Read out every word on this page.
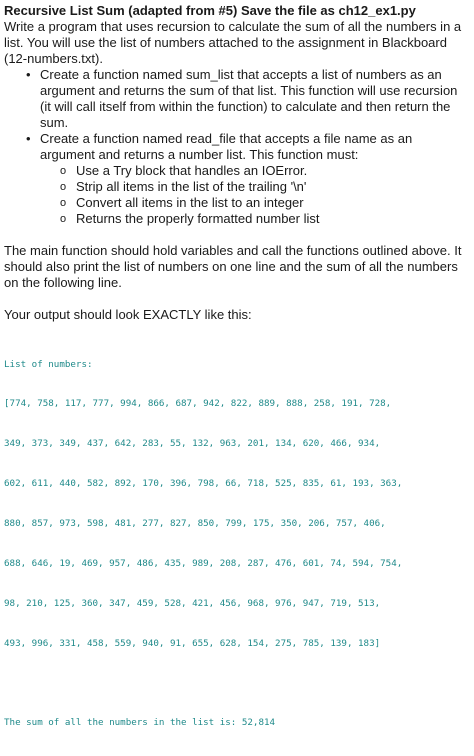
Recursive List Sum (adapted from #5) Save the file as ch12_ex1.py

Write a program that uses recursion to calculate the sum of all the numbers in a list. You will use the list of numbers attached to the assignment in Blackboard (12-numbers.txt).

• Create a function named sum_list that accepts a list of numbers as an argument and returns the sum of that list. This function will use recursion (it will call itself from within the function) to calculate and then return the sum.
• Create a function named read_file that accepts a file name as an argument and returns a number list. This function must:
o Use a Try block that handles an IOError.
o Strip all items in the list of the trailing '\n'
o Convert all items in the list to an integer
o Returns the properly formatted number list

The main function should hold variables and call the functions outlined above. It should also print the list of numbers on one line and the sum of all the numbers on the following line.

Your output should look EXACTLY like this:

List of numbers:

[774, 758, 117, 777, 994, 866, 687, 942, 822, 889, 888, 258, 191, 728,

349, 373, 349, 437, 642, 283, 55, 132, 963, 201, 134, 620, 466, 934,

602, 611, 440, 582, 892, 170, 396, 798, 66, 718, 525, 835, 61, 193, 363,

880, 857, 973, 598, 481, 277, 827, 850, 799, 175, 350, 206, 757, 406,

688, 646, 19, 469, 957, 486, 435, 989, 208, 287, 476, 601, 74, 594, 754,

98, 210, 125, 360, 347, 459, 528, 421, 456, 968, 976, 947, 719, 513,

493, 996, 331, 458, 559, 940, 91, 655, 628, 154, 275, 785, 139, 183]

The sum of all the numbers in the list is: 52,814
